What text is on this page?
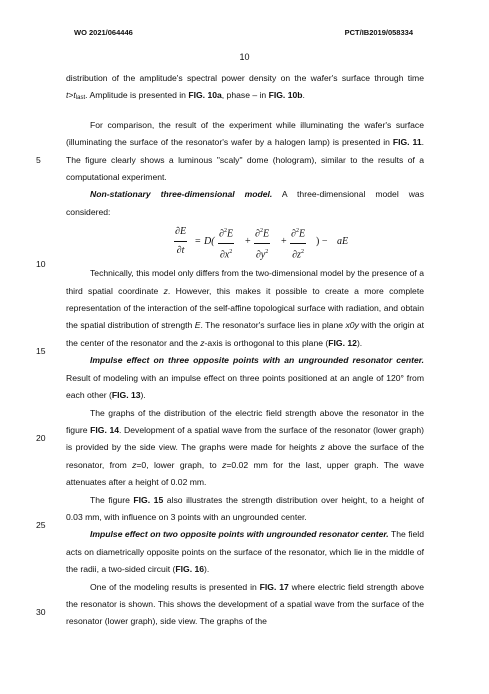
WO 2021/064446	PCT/IB2019/058334
10
5
10
15
20
25
30

distribution of the amplitude's spectral power density on the wafer's surface through time t>tlast. Amplitude is presented in FIG. 10a, phase – in FIG. 10b.

For comparison, the result of the experiment while illuminating the wafer's surface (illuminating the surface of the resonator's wafer by a halogen lamp) is presented in FIG. 11. The figure clearly shows a luminous "scaly" dome (hologram), similar to the results of a computational experiment.

Non-stationary three-dimensional model. A three-dimensional model was considered:

$\frac{\partial E}{\partial t} = D( \frac{\partial^2E}{\partial x^2} + \frac{\partial^2E}{\partial y^2} + \frac{\partial^2E}{\partial z^2}$ ) − aE

Technically, this model only differs from the two-dimensional model by the presence of a third spatial coordinate z. However, this makes it possible to create a more complete representation of the interaction of the self-affine topological surface with radiation, and obtain the spatial distribution of strength E. The resonator's surface lies in plane x0y with the origin at the center of the resonator and the z-axis is orthogonal to this plane (FIG. 12).

Impulse effect on three opposite points with an ungrounded resonator center. Result of modeling with an impulse effect on three points positioned at an angle of 120° from each other (FIG. 13).

The graphs of the distribution of the electric field strength above the resonator in the figure FIG. 14. Development of a spatial wave from the surface of the resonator (lower graph) is provided by the side view. The graphs were made for heights z above the surface of the resonator, from z=0, lower graph, to z=0.02 mm for the last, upper graph. The wave attenuates after a height of 0.02 mm.

The figure FIG. 15 also illustrates the strength distribution over height, to a height of 0.03 mm, with influence on 3 points with an ungrounded center.

Impulse effect on two opposite points with ungrounded resonator center. The field acts on diametrically opposite points on the surface of the resonator, which lie in the middle of the radii, a two-sided circuit (FIG. 16).

One of the modeling results is presented in FIG. 17 where electric field strength above the resonator is shown. This shows the development of a spatial wave from the surface of the resonator (lower graph), side view. The graphs of the
